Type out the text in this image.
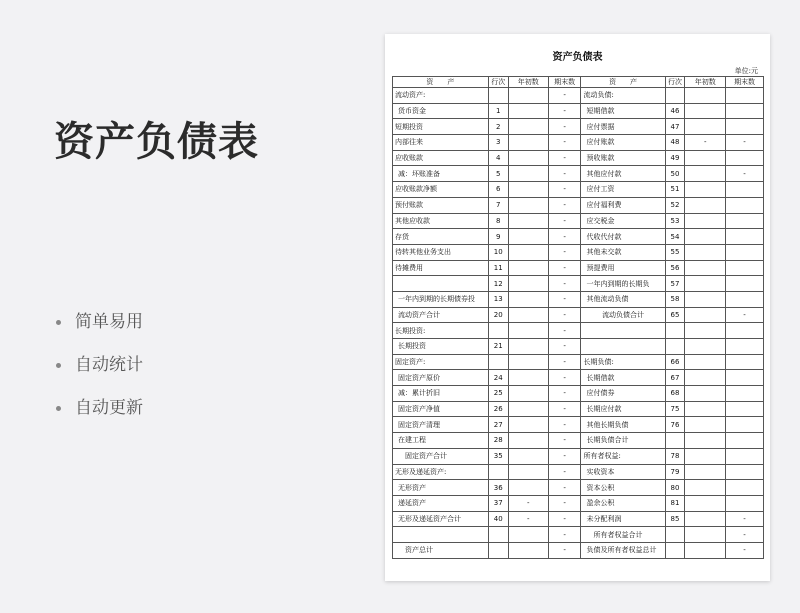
资产负债表
简单易用
自动统计
自动更新
资产负债表
单位:元
资　　产	行次	年初数	期末数	资　　产	行次	年初数	期末数
流动资产:			-	流动负债:			
货币资金	1		-	短期借款	46		
短期投资	2		-	应付票据	47		
内部往来	3		-	应付账款	48	-	-
应收账款	4		-	预收账款	49		
减：坏账准备	5		-	其他应付款	50		-
应收账款净额	6		-	应付工资	51		
预付账款	7		-	应付福利费	52		
其他应收款	8		-	应交税金	53		
存货	9		-	代收代付款	54		
待转其他业务支出	10		-	其他未交款	55		
待摊费用	11		-	预提费用	56		
	12		-	一年内到期的长期负	57		
一年内到期的长期债券投	13		-	其他流动负债	58		
流动资产合计	20		-	流动负债合计	65		-
长期投资:			-				
长期投资	21		-				
固定资产:			-	长期负债:	66		
固定资产原价	24		-	长期借款	67		
减：累计折旧	25		-	应付债券	68		
固定资产净值	26		-	长期应付款	75		
固定资产清理	27		-	其他长期负债	76		
在建工程	28		-	长期负债合计			
固定资产合计	35		-	所有者权益:	78		
无形及递延资产:			-	实收资本	79		
无形资产	36		-	资本公积	80		
递延资产	37	-	-	盈余公积	81		
无形及递延资产合计	40	-	-	未分配利润	85		-
			-	所有者权益合计			-
资产总计			-	负债及所有者权益总计			-
